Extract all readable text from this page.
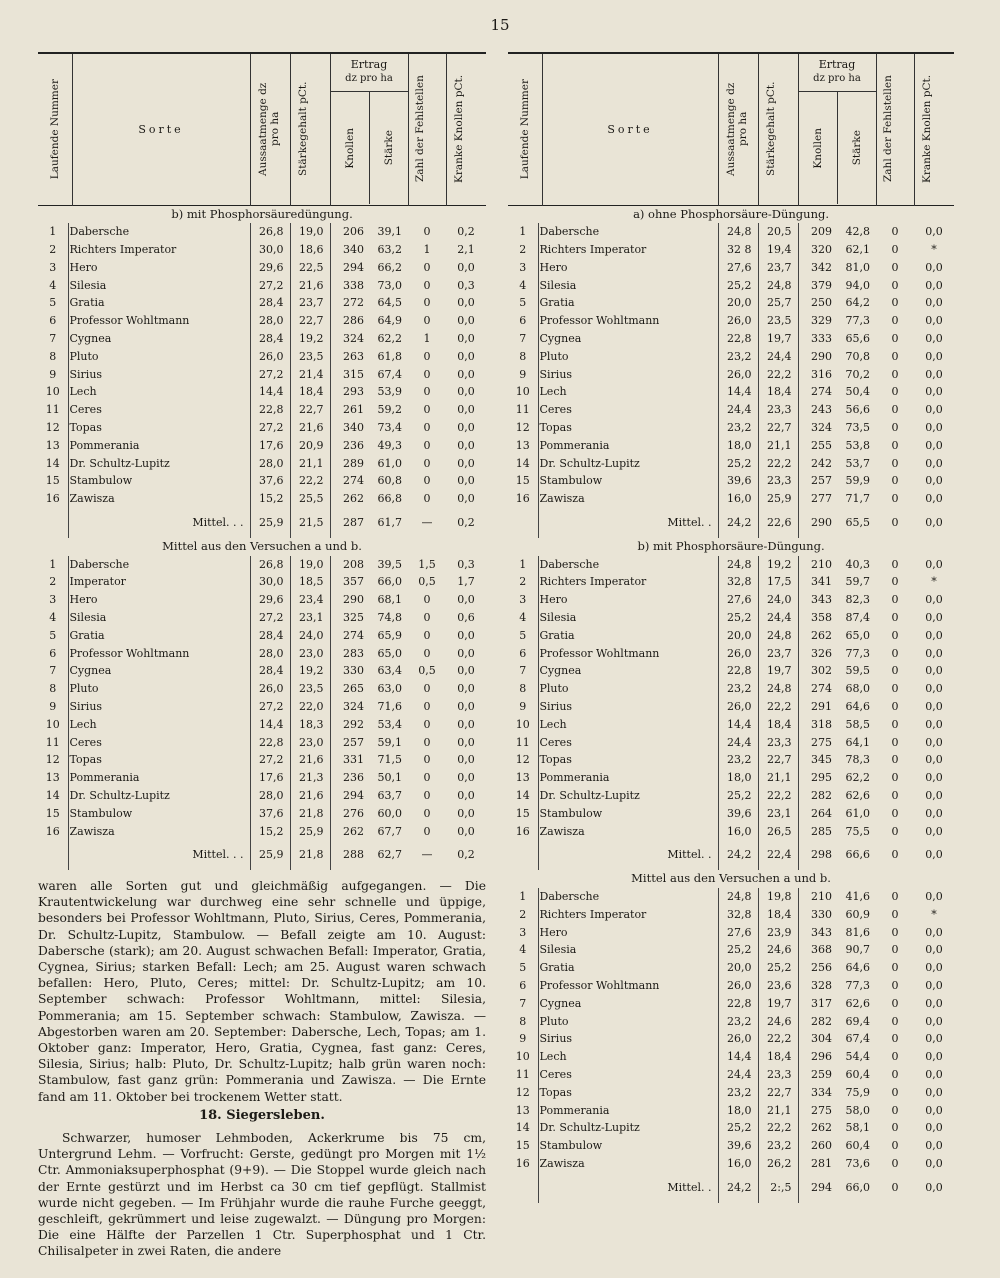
15
Laufende Nummer	Sorte	Aussaatmenge dz pro ha	Stärkegehalt pCt.

Ertrag
dz pro ha
Knollen	Stärke	Zahl der Fehlstellen	Kranke Knollen pCt.
b) mit Phosphorsäuredüngung.							
1	Dabersche	26,8	19,0	206	39,1	0	0,2
2	Richters Imperator	30,0	18,6	340	63,2	1	2,1
3	Hero	29,6	22,5	294	66,2	0	0,0
4	Silesia	27,2	21,6	338	73,0	0	0,3
5	Gratia	28,4	23,7	272	64,5	0	0,0
6	Professor Wohltmann	28,0	22,7	286	64,9	0	0,0
7	Cygnea	28,4	19,2	324	62,2	1	0,0
8	Pluto	26,0	23,5	263	61,8	0	0,0
9	Sirius	27,2	21,4	315	67,4	0	0,0
10	Lech	14,4	18,4	293	53,9	0	0,0
11	Ceres	22,8	22,7	261	59,2	0	0,0
12	Topas	27,2	21,6	340	73,4	0	0,0
13	Pommerania	17,6	20,9	236	49,3	0	0,0
14	Dr. Schultz-Lupitz	28,0	21,1	289	61,0	0	0,0
15	Stambulow	37,6	22,2	274	60,8	0	0,0
16	Zawisza	15,2	25,5	262	66,8	0	0,0
	Mittel. . .	25,9	21,5	287	61,7	—	0,2
Mittel aus den Versuchen a und b.							
1	Dabersche	26,8	19,0	208	39,5	1,5	0,3
2	Imperator	30,0	18,5	357	66,0	0,5	1,7
3	Hero	29,6	23,4	290	68,1	0	0,0
4	Silesia	27,2	23,1	325	74,8	0	0,6
5	Gratia	28,4	24,0	274	65,9	0	0,0
6	Professor Wohltmann	28,0	23,0	283	65,0	0	0,0
7	Cygnea	28,4	19,2	330	63,4	0,5	0,0
8	Pluto	26,0	23,5	265	63,0	0	0,0
9	Sirius	27,2	22,0	324	71,6	0	0,0
10	Lech	14,4	18,3	292	53,4	0	0,0
11	Ceres	22,8	23,0	257	59,1	0	0,0
12	Topas	27,2	21,6	331	71,5	0	0,0
13	Pommerania	17,6	21,3	236	50,1	0	0,0
14	Dr. Schultz-Lupitz	28,0	21,6	294	63,7	0	0,0
15	Stambulow	37,6	21,8	276	60,0	0	0,0
16	Zawisza	15,2	25,9	262	67,7	0	0,0
	Mittel. . .	25,9	21,8	288	62,7	—	0,2
Laufende Nummer	Sorte	Aussaatmenge dz pro ha	Stärkegehalt pCt.

Ertrag
dz pro ha
Knollen	Stärke	Zahl der Fehlstellen	Kranke Knollen pCt.
a) ohne Phosphorsäure-Düngung.							
1	Dabersche	24,8	20,5	209	42,8	0	0,0
2	Richters Imperator	32 8	19,4	320	62,1	0	*
3	Hero	27,6	23,7	342	81,0	0	0,0
4	Silesia	25,2	24,8	379	94,0	0	0,0
5	Gratia	20,0	25,7	250	64,2	0	0,0
6	Professor Wohltmann	26,0	23,5	329	77,3	0	0,0
7	Cygnea	22,8	19,7	333	65,6	0	0,0
8	Pluto	23,2	24,4	290	70,8	0	0,0
9	Sirius	26,0	22,2	316	70,2	0	0,0
10	Lech	14,4	18,4	274	50,4	0	0,0
11	Ceres	24,4	23,3	243	56,6	0	0,0
12	Topas	23,2	22,7	324	73,5	0	0,0
13	Pommerania	18,0	21,1	255	53,8	0	0,0
14	Dr. Schultz-Lupitz	25,2	22,2	242	53,7	0	0,0
15	Stambulow	39,6	23,3	257	59,9	0	0,0
16	Zawisza	16,0	25,9	277	71,7	0	0,0
	Mittel. .	24,2	22,6	290	65,5	0	0,0
b) mit Phosphorsäure-Düngung.							
1	Dabersche	24,8	19,2	210	40,3	0	0,0
2	Richters Imperator	32,8	17,5	341	59,7	0	*
3	Hero	27,6	24,0	343	82,3	0	0,0
4	Silesia	25,2	24,4	358	87,4	0	0,0
5	Gratia	20,0	24,8	262	65,0	0	0,0
6	Professor Wohltmann	26,0	23,7	326	77,3	0	0,0
7	Cygnea	22,8	19,7	302	59,5	0	0,0
8	Pluto	23,2	24,8	274	68,0	0	0,0
9	Sirius	26,0	22,2	291	64,6	0	0,0
10	Lech	14,4	18,4	318	58,5	0	0,0
11	Ceres	24,4	23,3	275	64,1	0	0,0
12	Topas	23,2	22,7	345	78,3	0	0,0
13	Pommerania	18,0	21,1	295	62,2	0	0,0
14	Dr. Schultz-Lupitz	25,2	22,2	282	62,6	0	0,0
15	Stambulow	39,6	23,1	264	61,0	0	0,0
16	Zawisza	16,0	26,5	285	75,5	0	0,0
	Mittel. .	24,2	22,4	298	66,6	0	0,0
Mittel aus den Versuchen a und b.							
1	Dabersche	24,8	19,8	210	41,6	0	0,0
2	Richters Imperator	32,8	18,4	330	60,9	0	*
3	Hero	27,6	23,9	343	81,6	0	0,0
4	Silesia	25,2	24,6	368	90,7	0	0,0
5	Gratia	20,0	25,2	256	64,6	0	0,0
6	Professor Wohltmann	26,0	23,6	328	77,3	0	0,0
7	Cygnea	22,8	19,7	317	62,6	0	0,0
8	Pluto	23,2	24,6	282	69,4	0	0,0
9	Sirius	26,0	22,2	304	67,4	0	0,0
10	Lech	14,4	18,4	296	54,4	0	0,0
11	Ceres	24,4	23,3	259	60,4	0	0,0
12	Topas	23,2	22,7	334	75,9	0	0,0
13	Pommerania	18,0	21,1	275	58,0	0	0,0
14	Dr. Schultz-Lupitz	25,2	22,2	262	58,1	0	0,0
15	Stambulow	39,6	23,2	260	60,4	0	0,0
16	Zawisza	16,0	26,2	281	73,6	0	0,0
	Mittel. .	24,2	2:,5	294	66,0	0	0,0
waren alle Sorten gut und gleichmäßig aufgegangen. — Die Krautentwickelung war durchweg eine sehr schnelle und üppige, besonders bei Professor Wohltmann, Pluto, Sirius, Ceres, Pommerania, Dr. Schultz-Lupitz, Stambulow. — Befall zeigte am 10. August: Dabersche (stark); am 20. August schwachen Befall: Imperator, Gratia, Cygnea, Sirius; starken Befall: Lech; am 25. August waren schwach befallen: Hero, Pluto, Ceres; mittel: Dr. Schultz-Lupitz; am 10. September schwach: Professor Wohltmann, mittel: Silesia, Pommerania; am 15. September schwach: Stambulow, Zawisza. — Abgestorben waren am 20. September: Dabersche, Lech, Topas; am 1. Oktober ganz: Imperator, Hero, Gratia, Cygnea, fast ganz: Ceres, Silesia, Sirius; halb: Pluto, Dr. Schultz-Lupitz; halb grün waren noch: Stambulow, fast ganz grün: Pommerania und Zawisza. — Die Ernte fand am 11. Oktober bei trockenem Wetter statt.
18. Siegersleben.
Schwarzer, humoser Lehmboden, Ackerkrume bis 75 cm, Untergrund Lehm. — Vorfrucht: Gerste, gedüngt pro Morgen mit 1½ Ctr. Ammoniaksuperphosphat (9+9). — Die Stoppel wurde gleich nach der Ernte gestürzt und im Herbst ca 30 cm tief gepflügt. Stallmist wurde nicht gegeben. — Im Frühjahr wurde die rauhe Furche geeggt, geschleift, gekrümmert und leise zugewalzt. — Düngung pro Morgen: Die eine Hälfte der Parzellen 1 Ctr. Superphosphat und 1 Ctr. Chilisalpeter in zwei Raten, die andere
